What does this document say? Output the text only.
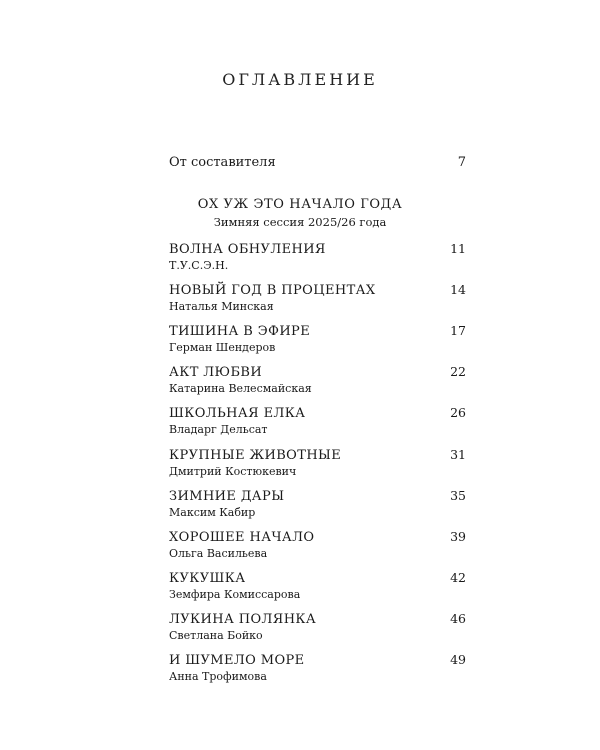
ОГЛАВЛЕНИЕ
От составителя	7
ОХ УЖ ЭТО НАЧАЛО ГОДА
Зимняя сессия 2025/26 года
ВОЛНА ОБНУЛЕНИЯ	11
Т.У.С.Э.Н.
НОВЫЙ ГОД В ПРОЦЕНТАХ	14
Наталья Минская
ТИШИНА В ЭФИРЕ	17
Герман Шендеров
АКТ ЛЮБВИ	22
Катарина Велесмайская
ШКОЛЬНАЯ ЕЛКА	26
Владарг Дельсат
КРУПНЫЕ ЖИВОТНЫЕ	31
Дмитрий Костюкевич
ЗИМНИЕ ДАРЫ	35
Максим Кабир
ХОРОШЕЕ НАЧАЛО	39
Ольга Васильева
КУКУШКА	42
Земфира Комиссарова
ЛУКИНА ПОЛЯНКА	46
Светлана Бойко
И ШУМЕЛО МОРЕ	49
Анна Трофимова
